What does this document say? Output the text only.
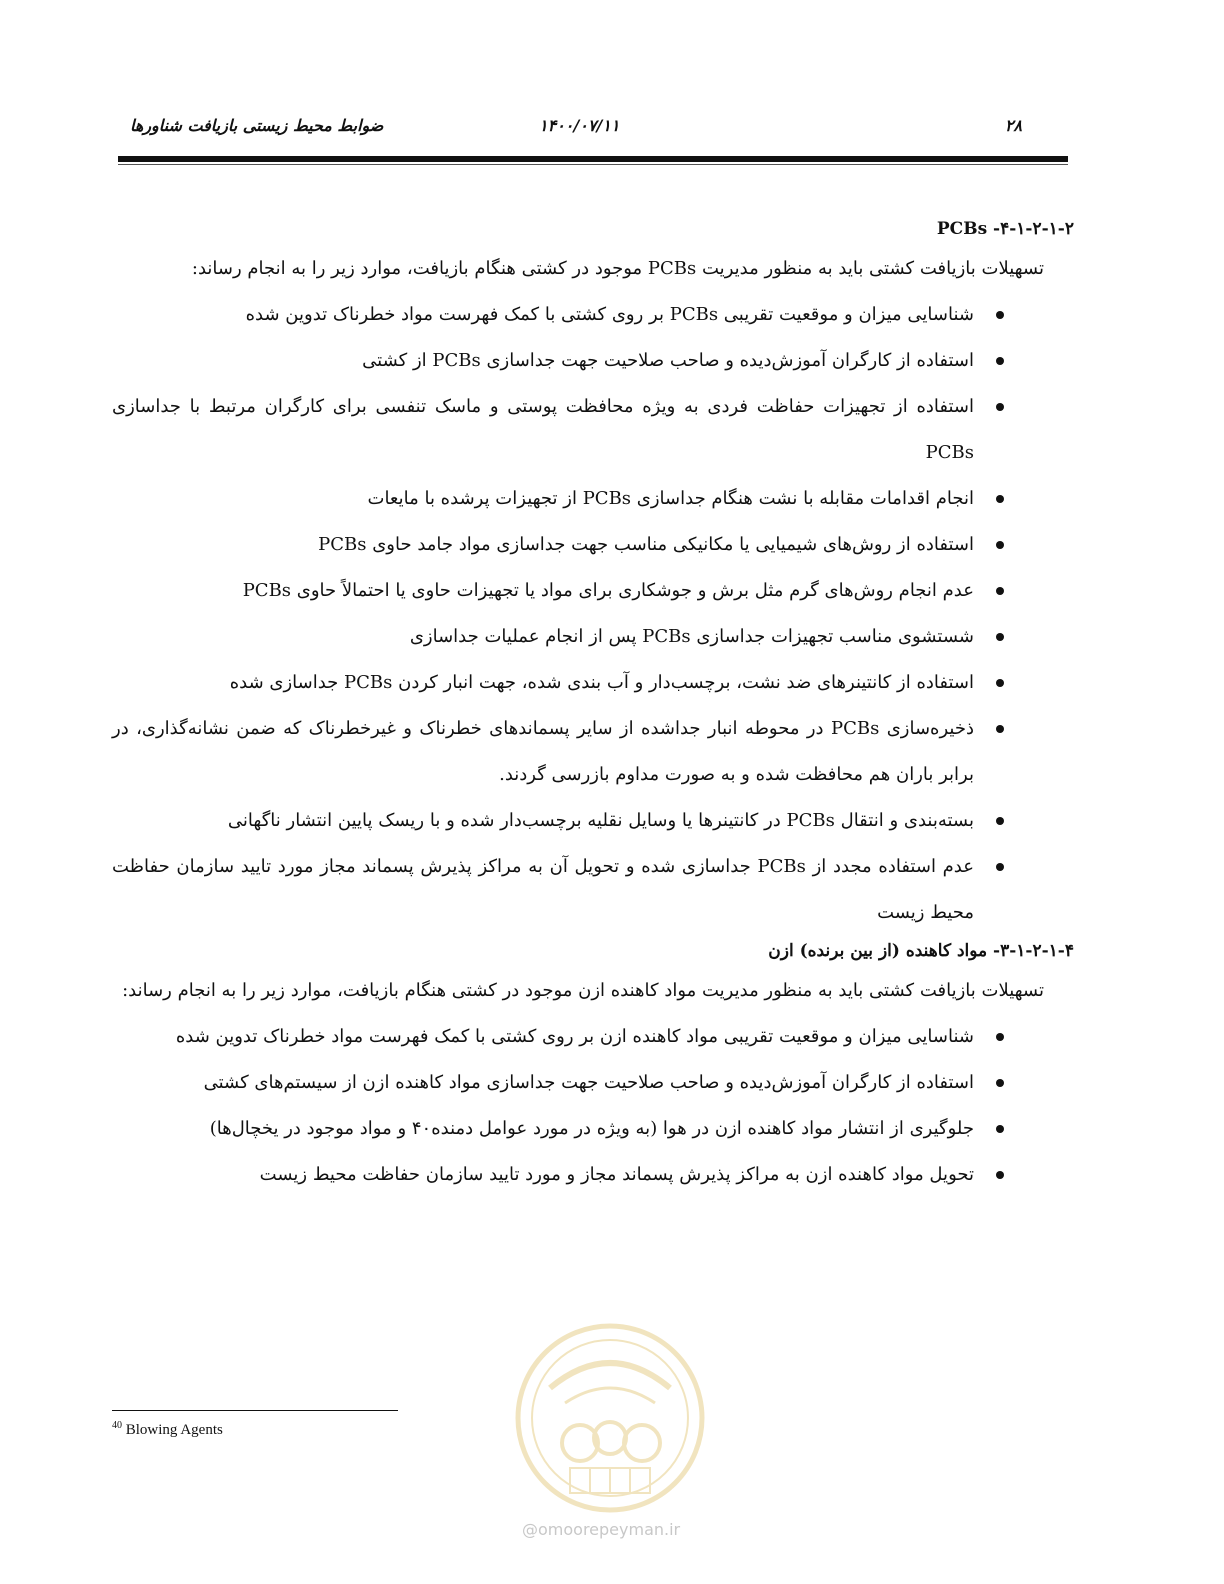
۲۸
۱۴۰۰/۰۷/۱۱
ضوابط محیط زیستی بازیافت شناورها
PCBs -۴-۱-۲-۱-۲

تسهیلات بازیافت کشتی باید به منظور مدیریت PCBs موجود در کشتی هنگام بازیافت، موارد زیر را به انجام رساند:

شناسایی میزان و موقعیت تقریبی PCBs بر روی کشتی با کمک فهرست مواد خطرناک تدوین شده
استفاده از کارگران آموزش‌دیده و صاحب صلاحیت جهت جداسازی PCBs از کشتی
استفاده از تجهیزات حفاظت فردی به ویژه محافظت پوستی و ماسک تنفسی برای کارگران مرتبط با جداسازی PCBs
انجام اقدامات مقابله با نشت هنگام جداسازی PCBs از تجهیزات پرشده با مایعات
استفاده از روش‌های شیمیایی یا مکانیکی مناسب جهت جداسازی مواد جامد حاوی PCBs
عدم انجام روش‌های گرم مثل برش و جوشکاری برای مواد یا تجهیزات حاوی یا احتمالاً حاوی PCBs
شستشوی مناسب تجهیزات جداسازی PCBs پس از انجام عملیات جداسازی
استفاده از کانتینرهای ضد نشت، برچسب‌دار و آب بندی شده، جهت انبار کردن PCBs جداسازی شده
ذخیره‌سازی PCBs در محوطه انبار جداشده از سایر پسماندهای خطرناک و غیرخطرناک که ضمن نشانه‌گذاری، در برابر باران هم محافظت شده و به صورت مداوم بازرسی گردند.
بسته‌بندی و انتقال PCBs در کانتینرها یا وسایل نقلیه برچسب‌دار شده و با ریسک پایین انتشار ناگهانی
عدم استفاده مجدد از PCBs جداسازی شده و تحویل آن به مراکز پذیرش پسماند مجاز مورد تایید سازمان حفاظت محیط زیست
۳-۱-۲-۱-۴- مواد کاهنده (از بین برنده) ازن

تسهیلات بازیافت کشتی باید به منظور مدیریت مواد کاهنده ازن موجود در کشتی هنگام بازیافت، موارد زیر را به انجام رساند:

شناسایی میزان و موقعیت تقریبی مواد کاهنده ازن بر روی کشتی با کمک فهرست مواد خطرناک تدوین شده
استفاده از کارگران آموزش‌دیده و صاحب صلاحیت جهت جداسازی مواد کاهنده ازن از سیستم‌های کشتی
جلوگیری از انتشار مواد کاهنده ازن در هوا (به ویژه در مورد عوامل دمنده۴۰ و مواد موجود در یخچال‌ها)
تحویل مواد کاهنده ازن به مراکز پذیرش پسماند مجاز و مورد تایید سازمان حفاظت محیط زیست
@omoorepeyman.ir
$^{40}$ Blowing Agents
